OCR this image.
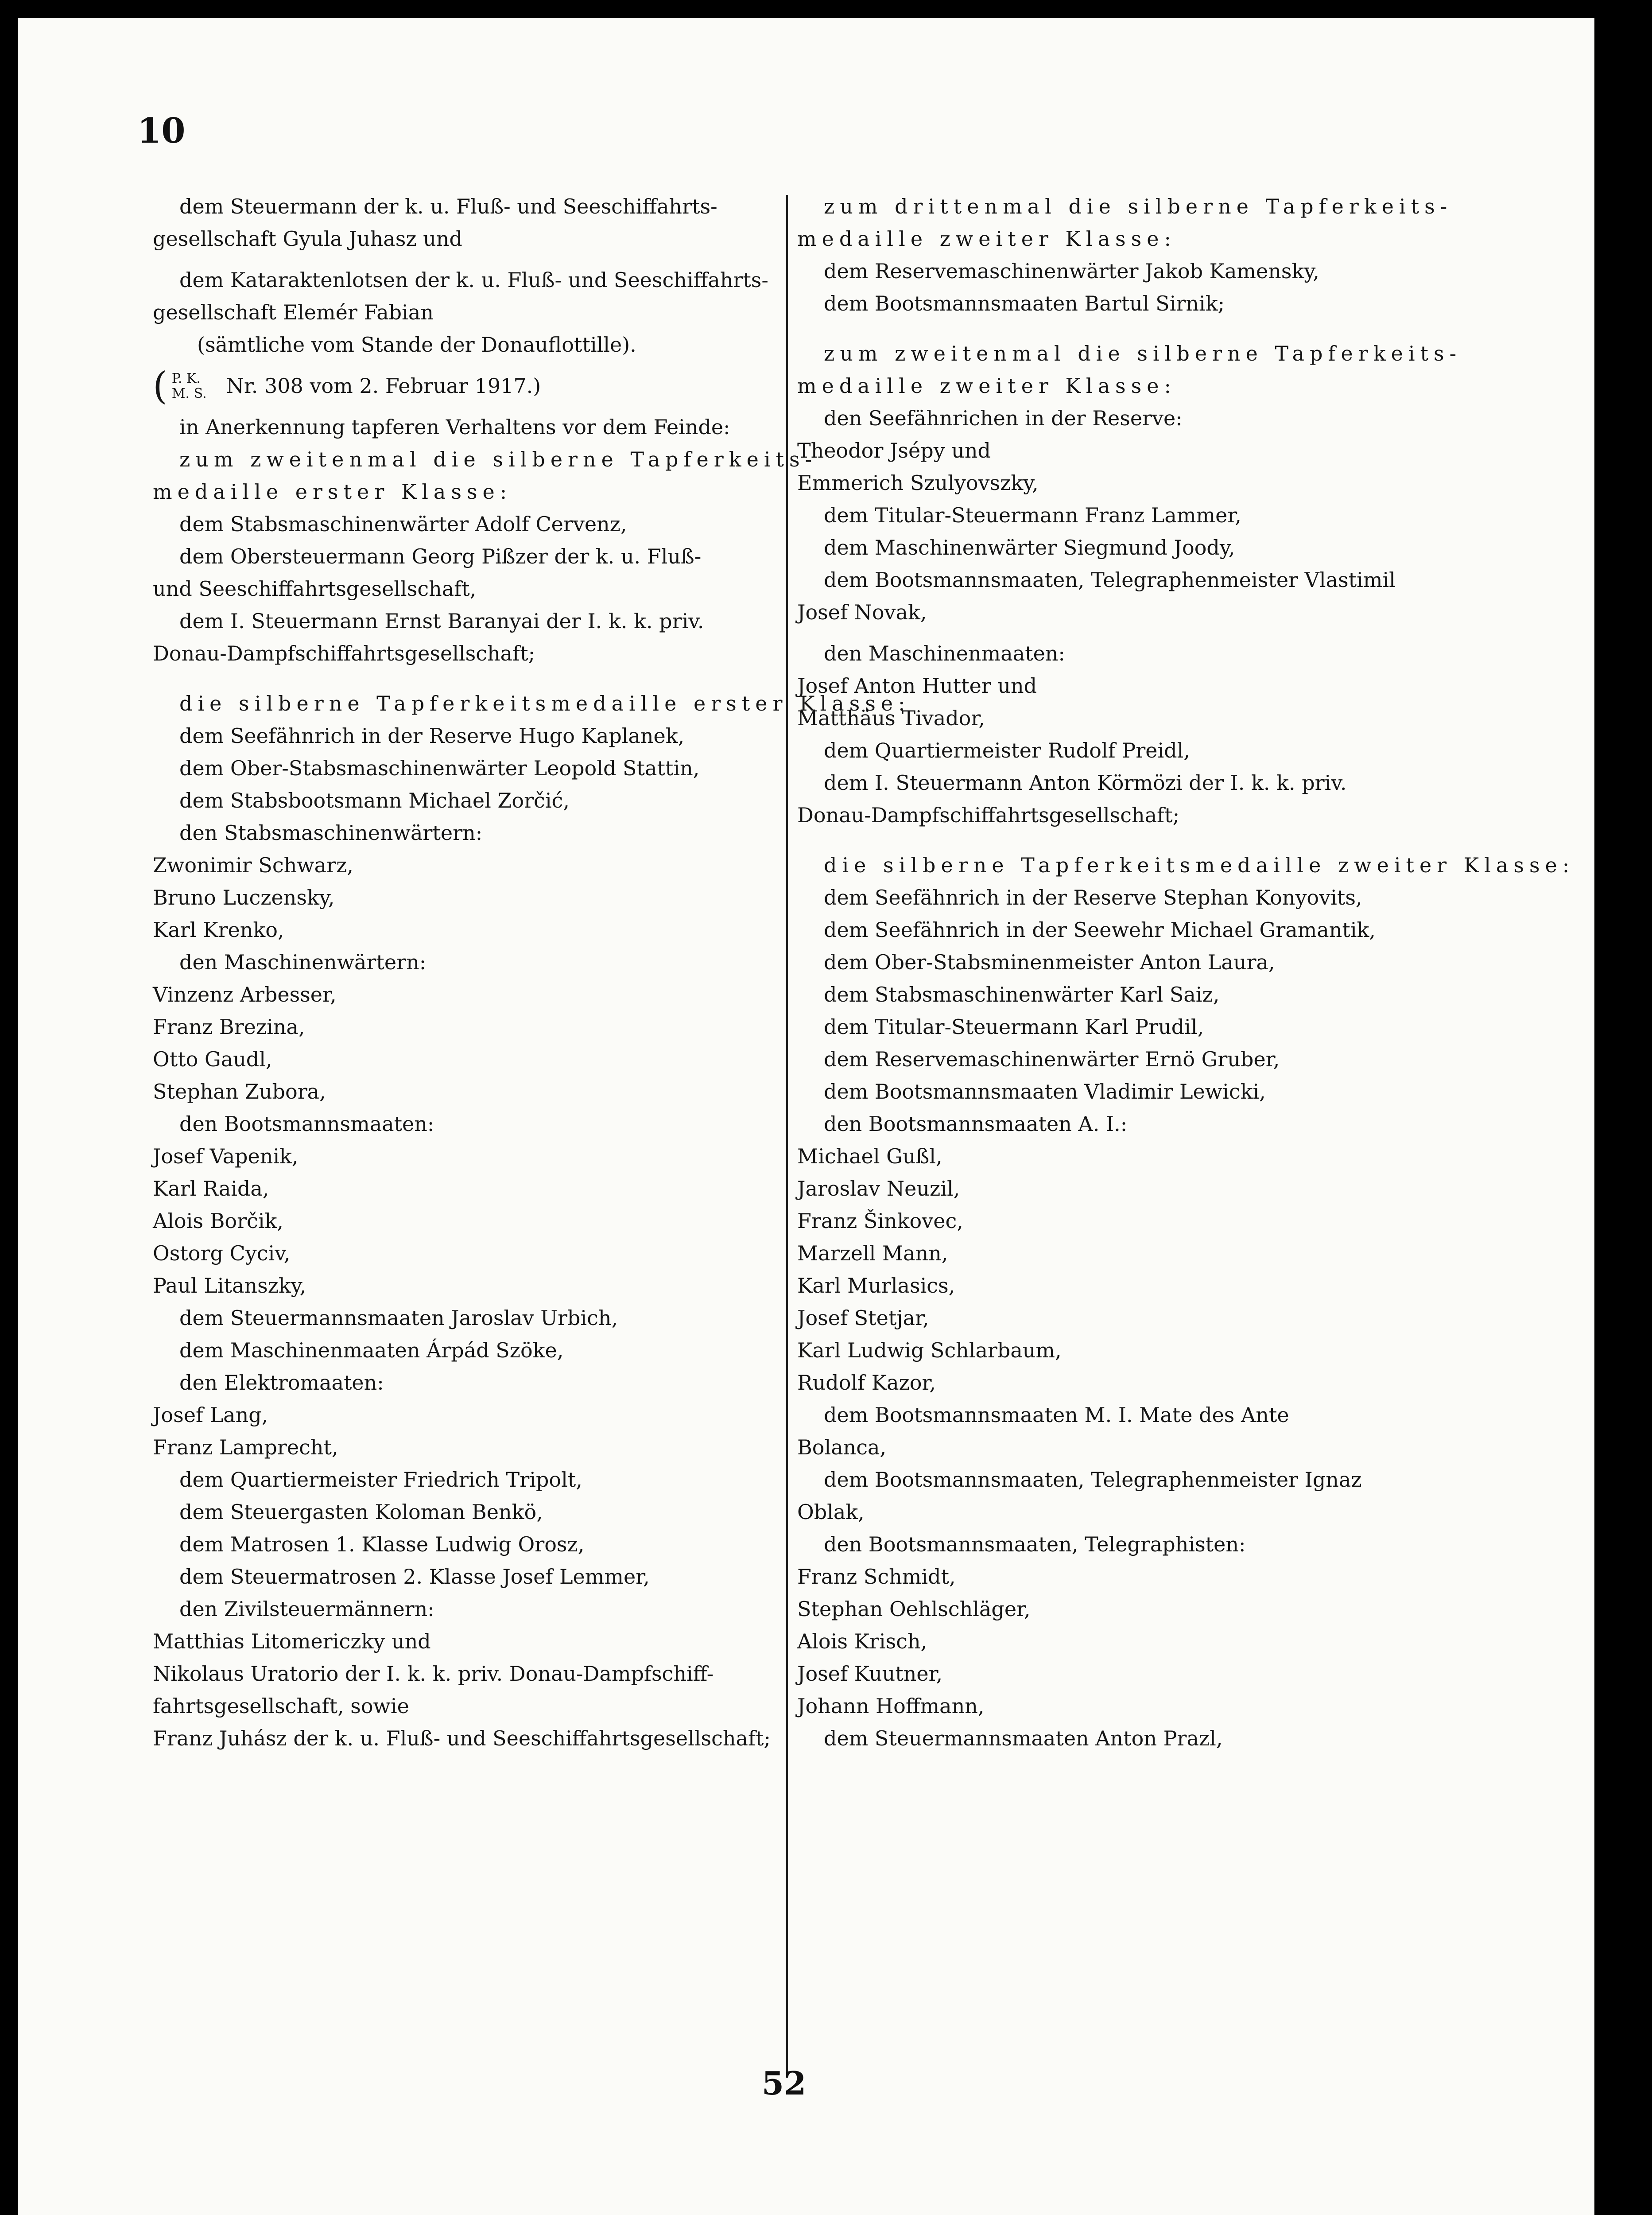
10
dem Steuermann der k. u. Fluß- und Seeschiffahrts-
gesellschaft Gyula Juhasz und
dem Kataraktenlotsen der k. u. Fluß- und Seeschiffahrts-
gesellschaft Elemér Fabian
(sämtliche vom Stande der Donauflottille).
( P. K.
M. S. Nr. 308 vom 2. Februar 1917.)
in Anerkennung tapferen Verhaltens vor dem Feinde:
zum zweitenmal die silberne Tapferkeits-
medaille erster Klasse:
dem Stabsmaschinenwärter Adolf Cervenz,
dem Obersteuermann Georg Pißzer der k. u. Fluß-
und Seeschiffahrtsgesellschaft,
dem I. Steuermann Ernst Baranyai der I. k. k. priv.
Donau-Dampfschiffahrtsgesellschaft;
die silberne Tapferkeitsmedaille erster Klasse:
dem Seefähnrich in der Reserve Hugo Kaplanek,
dem Ober-Stabsmaschinenwärter Leopold Stattin,
dem Stabsbootsmann Michael Zorčić,
den Stabsmaschinenwärtern:
Zwonimir Schwarz,
Bruno Luczensky,
Karl Krenko,
den Maschinenwärtern:
Vinzenz Arbesser,
Franz Brezina,
Otto Gaudl,
Stephan Zubora,
den Bootsmannsmaaten:
Josef Vapenik,
Karl Raida,
Alois Borčik,
Ostorg Cyciv,
Paul Litanszky,
dem Steuermannsmaaten Jaroslav Urbich,
dem Maschinenmaaten Árpád Szöke,
den Elektromaaten:
Josef Lang,
Franz Lamprecht,
dem Quartiermeister Friedrich Tripolt,
dem Steuergasten Koloman Benkö,
dem Matrosen 1. Klasse Ludwig Orosz,
dem Steuermatrosen 2. Klasse Josef Lemmer,
den Zivilsteuermännern:
Matthias Litomericzky und
Nikolaus Uratorio der I. k. k. priv. Donau-Dampfschiff-
fahrtsgesellschaft, sowie
Franz Juhász der k. u. Fluß- und Seeschiffahrtsgesellschaft;
zum drittenmal die silberne Tapferkeits-
medaille zweiter Klasse:
dem Reservemaschinenwärter Jakob Kamensky,
dem Bootsmannsmaaten Bartul Sirnik;
zum zweitenmal die silberne Tapferkeits-
medaille zweiter Klasse:
den Seefähnrichen in der Reserve:
Theodor Jsépy und
Emmerich Szulyovszky,
dem Titular-Steuermann Franz Lammer,
dem Maschinenwärter Siegmund Joody,
dem Bootsmannsmaaten, Telegraphenmeister Vlastimil
Josef Novak,
den Maschinenmaaten:
Josef Anton Hutter und
Matthäus Tivador,
dem Quartiermeister Rudolf Preidl,
dem I. Steuermann Anton Körmözi der I. k. k. priv.
Donau-Dampfschiffahrtsgesellschaft;
die silberne Tapferkeitsmedaille zweiter Klasse:
dem Seefähnrich in der Reserve Stephan Konyovits,
dem Seefähnrich in der Seewehr Michael Gramantik,
dem Ober-Stabsminenmeister Anton Laura,
dem Stabsmaschinenwärter Karl Saiz,
dem Titular-Steuermann Karl Prudil,
dem Reservemaschinenwärter Ernö Gruber,
dem Bootsmannsmaaten Vladimir Lewicki,
den Bootsmannsmaaten A. I.:
Michael Gußl,
Jaroslav Neuzil,
Franz Šinkovec,
Marzell Mann,
Karl Murlasics,
Josef Stetjar,
Karl Ludwig Schlarbaum,
Rudolf Kazor,
dem Bootsmannsmaaten M. I. Mate des Ante
Bolanca,
dem Bootsmannsmaaten, Telegraphenmeister Ignaz
Oblak,
den Bootsmannsmaaten, Telegraphisten:
Franz Schmidt,
Stephan Oehlschläger,
Alois Krisch,
Josef Kuutner,
Johann Hoffmann,
dem Steuermannsmaaten Anton Prazl,
52
